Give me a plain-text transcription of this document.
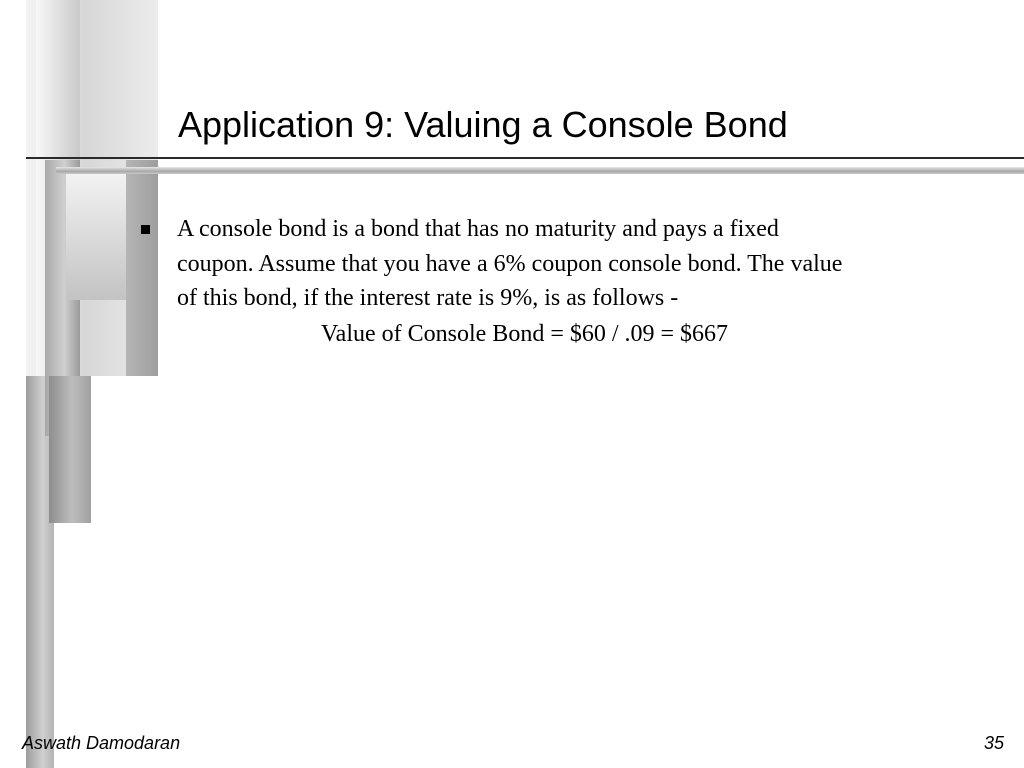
Application 9: Valuing a Console Bond

A console bond is a bond that has no maturity and pays a fixed
coupon. Assume that you have a 6% coupon console bond. The value
of this bond, if the interest rate is 9%, is as follows -

Value of Console Bond = $60 / .09 = $667

Aswath Damodaran	35
